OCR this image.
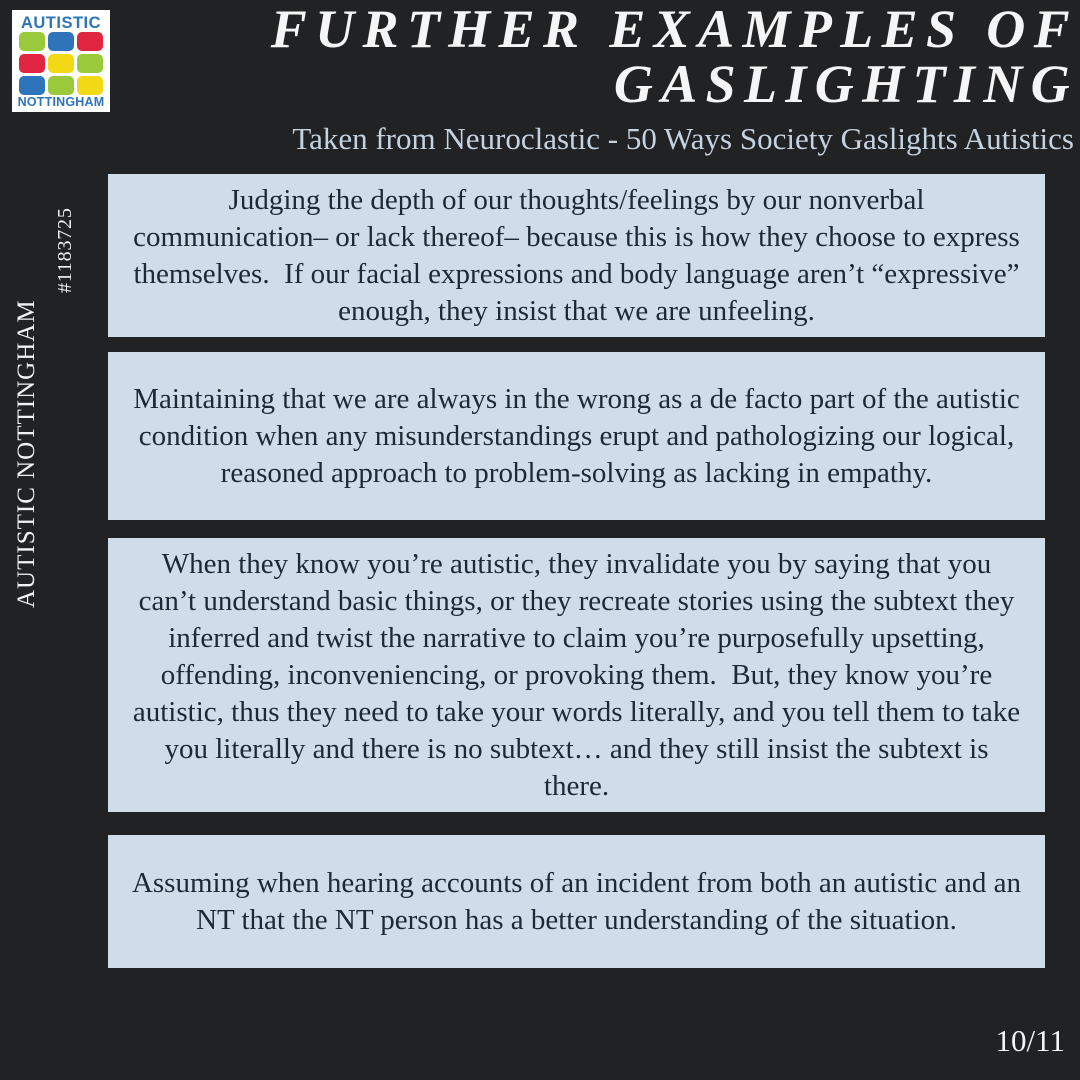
AUTISTIC
NOTTINGHAM
AUTISTIC NOTTINGHAM
#1183725
FURTHER EXAMPLES OF
GASLIGHTING
Taken from Neuroclastic - 50 Ways Society Gaslights Autistics

Judging the depth of our thoughts/feelings by our nonverbal communication– or lack thereof– because this is how they choose to express themselves.  If our facial expressions and body language aren’t “expressive” enough, they insist that we are unfeeling.

Maintaining that we are always in the wrong as a de facto part of the autistic condition when any misunderstandings erupt and pathologizing our logical, reasoned approach to problem-solving as lacking in empathy.

When they know you’re autistic, they invalidate you by saying that you can’t understand basic things, or they recreate stories using the subtext they inferred and twist the narrative to claim you’re purposefully upsetting, offending, inconveniencing, or provoking them.  But, they know you’re autistic, thus they need to take your words literally, and you tell them to take you literally and there is no subtext… and they still insist the subtext is there.

Assuming when hearing accounts of an incident from both an autistic and an NT that the NT person has a better understanding of the situation.

10/11
